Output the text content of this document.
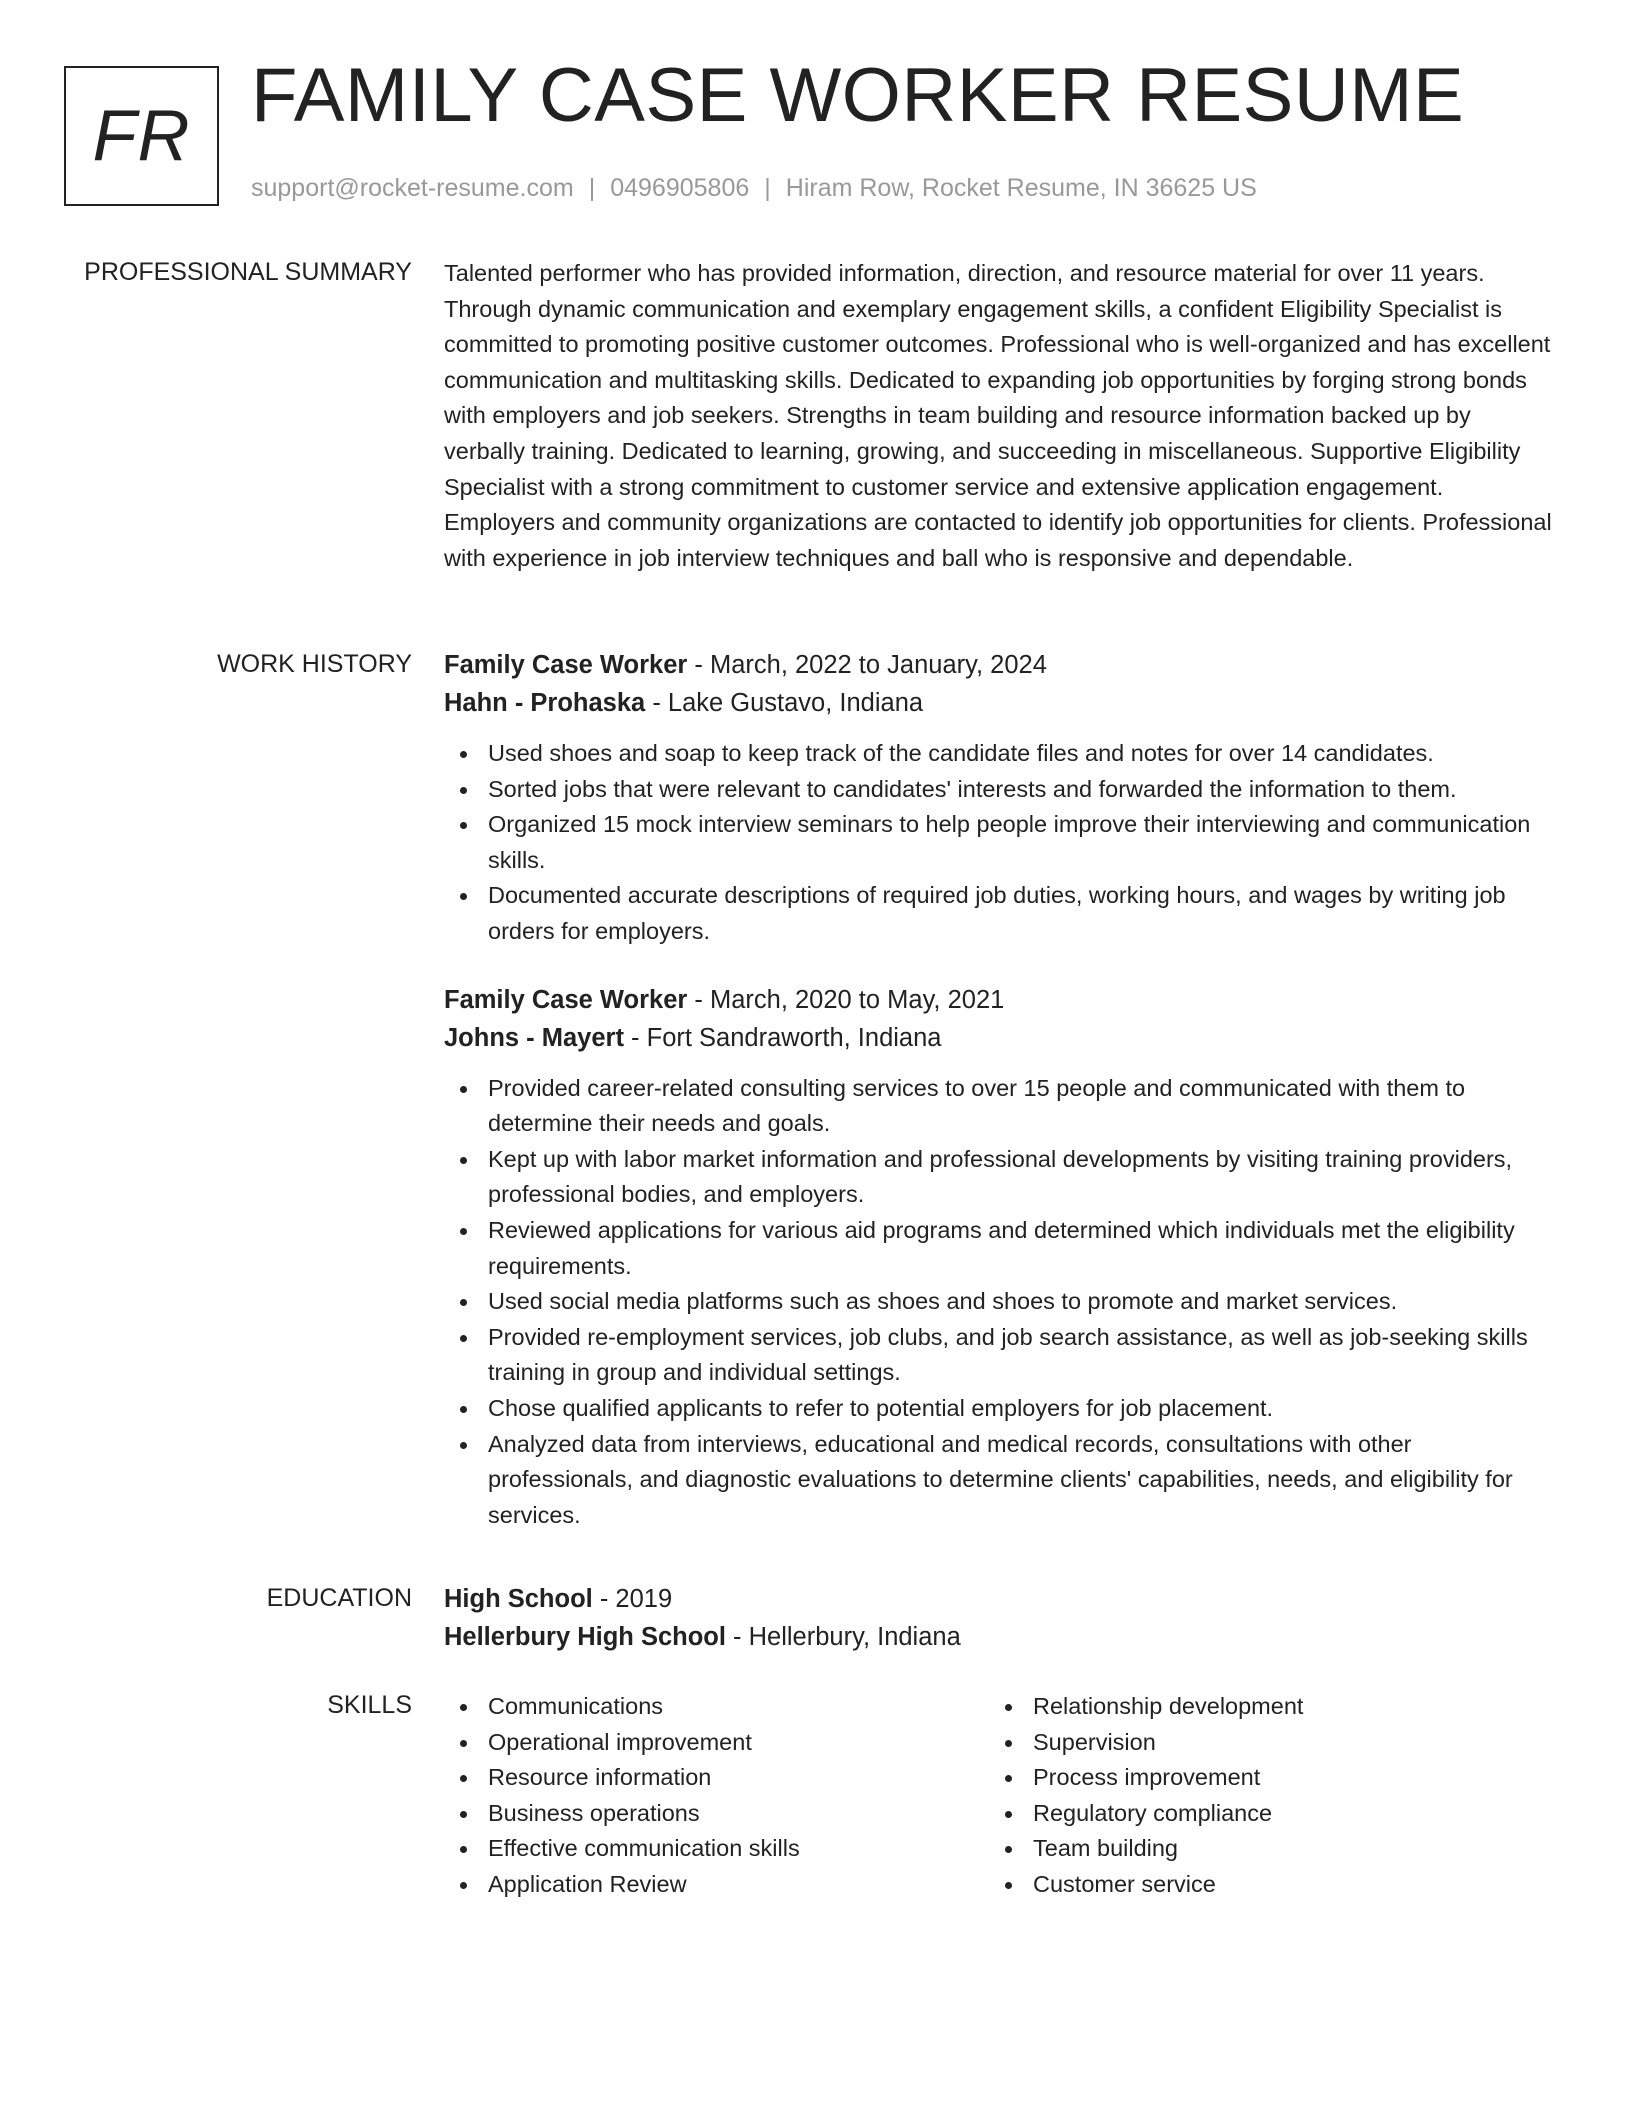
FR FAMILY CASE WORKER RESUME
support@rocket-resume.com | 0496905806 | Hiram Row, Rocket Resume, IN 36625 US
PROFESSIONAL SUMMARY Talented performer who has provided information, direction, and resource material for over 11 years. Through dynamic communication and exemplary engagement skills, a confident Eligibility Specialist is committed to promoting positive customer outcomes. Professional who is well-organized and has excellent communication and multitasking skills. Dedicated to expanding job opportunities by forging strong bonds with employers and job seekers. Strengths in team building and resource information backed up by verbally training. Dedicated to learning, growing, and succeeding in miscellaneous. Supportive Eligibility Specialist with a strong commitment to customer service and extensive application engagement. Employers and community organizations are contacted to identify job opportunities for clients. Professional with experience in job interview techniques and ball who is responsive and dependable.

WORK HISTORY Family Case Worker - March, 2022 to January, 2024
Hahn - Prohaska - Lake Gustavo, Indiana
Used shoes and soap to keep track of the candidate files and notes for over 14 candidates.
Sorted jobs that were relevant to candidates' interests and forwarded the information to them.
Organized 15 mock interview seminars to help people improve their interviewing and communication skills.
Documented accurate descriptions of required job duties, working hours, and wages by writing job orders for employers.
Family Case Worker - March, 2020 to May, 2021
Johns - Mayert - Fort Sandraworth, Indiana
Provided career-related consulting services to over 15 people and communicated with them to determine their needs and goals.
Kept up with labor market information and professional developments by visiting training providers, professional bodies, and employers.
Reviewed applications for various aid programs and determined which individuals met the eligibility requirements.
Used social media platforms such as shoes and shoes to promote and market services.
Provided re-employment services, job clubs, and job search assistance, as well as job-seeking skills training in group and individual settings.
Chose qualified applicants to refer to potential employers for job placement.
Analyzed data from interviews, educational and medical records, consultations with other professionals, and diagnostic evaluations to determine clients' capabilities, needs, and eligibility for services.
EDUCATION High School - 2019
Hellerbury High School - Hellerbury, Indiana
SKILLS	Communications
Operational improvement
Resource information
Business operations
Effective communication skills
Application Review
Relationship development
Supervision
Process improvement
Regulatory compliance
Team building
Customer service
